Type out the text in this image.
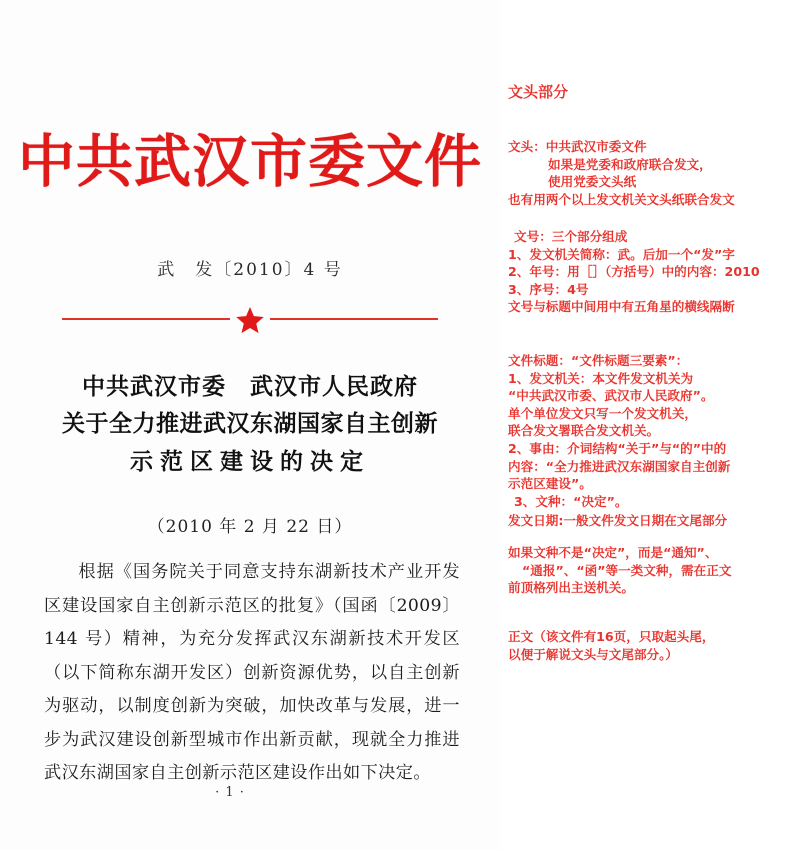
中共武汉市委文件
武　发〔2010〕4 号
中共武汉市委　武汉市人民政府
关于全力推进武汉东湖国家自主创新
示范区建设的决定
（2010 年 2 月 22 日）

根据《国务院关于同意支持东湖新技术产业开发区建设国家自主创新示范区的批复》（国函〔2009〕144 号）精神，为充分发挥武汉东湖新技术开发区（以下简称东湖开发区）创新资源优势，以自主创新为驱动，以制度创新为突破，加快改革与发展，进一步为武汉建设创新型城市作出新贡献，现就全力推进武汉东湖国家自主创新示范区建设作出如下决定。

· 1 ·
文头部分
文头：中共武汉市委文件
如果是党委和政府联合发文，
使用党委文头纸
也有用两个以上发文机关文头纸联合发文
文号：三个部分组成
1、发文机关简称：武。后加一个“发”字
2、年号：用［］（方括号）中的内容：2010
3、序号：4号
文号与标题中间用中有五角星的横线隔断
文件标题：“文件标题三要素”：
1、发文机关：本文件发文机关为
“中共武汉市委、武汉市人民政府”。
单个单位发文只写一个发文机关，
联合发文署联合发文机关。
2、事由：介词结构“关于”与“的”中的
内容：“全力推进武汉东湖国家自主创新
示范区建设”。
3、文种：“决定”。
发文日期:一般文件发文日期在文尾部分
如果文种不是“决定”，而是“通知”、
“通报”、“函”等一类文种，需在正文
前顶格列出主送机关。
正文（该文件有16页，只取起头尾，
以便于解说文头与文尾部分。）
